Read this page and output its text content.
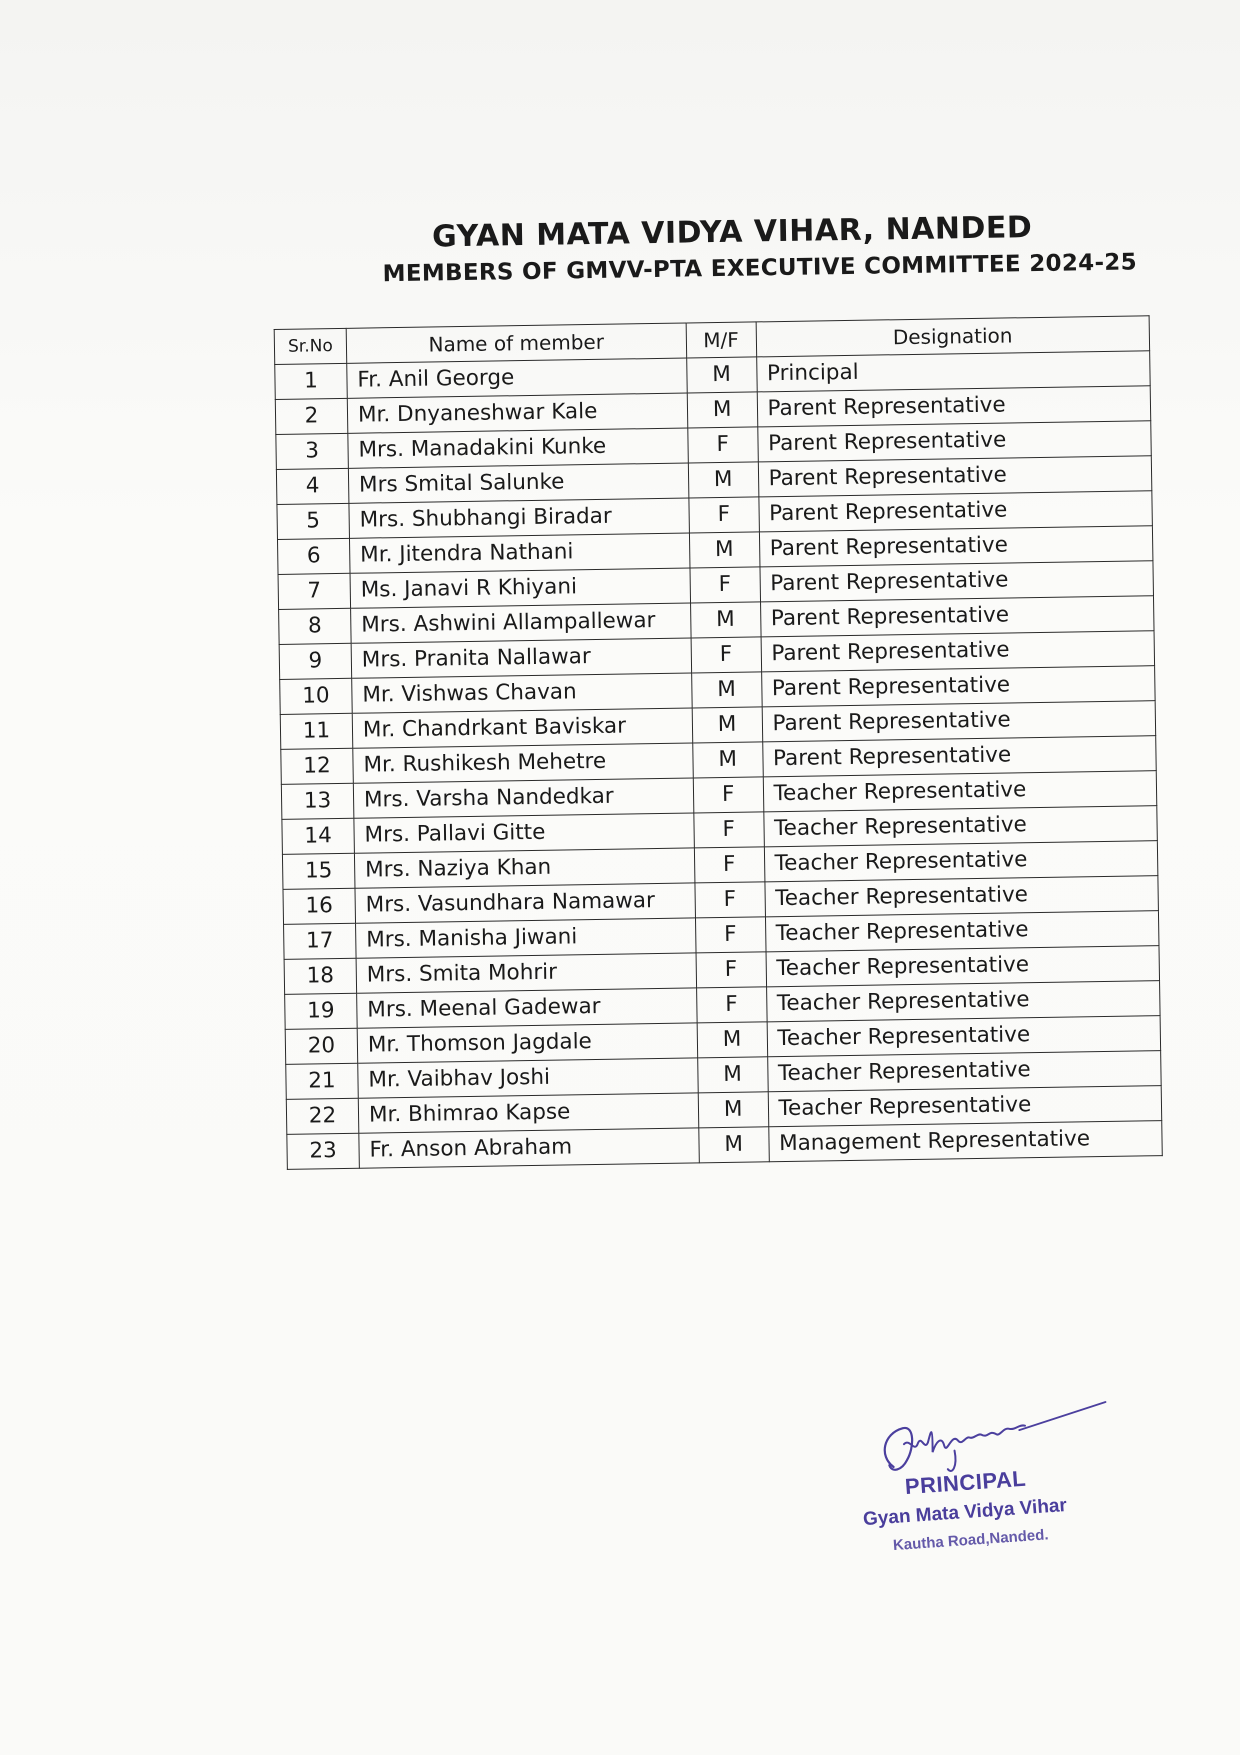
GYAN MATA VIDYA VIHAR, NANDED
MEMBERS OF GMVV-PTA EXECUTIVE COMMITTEE 2024-25
Sr.No	Name of member	M/F	Designation
1	Fr. Anil George	M	Principal
2	Mr. Dnyaneshwar Kale	M	Parent Representative
3	Mrs. Manadakini Kunke	F	Parent Representative
4	Mrs Smital Salunke	M	Parent Representative
5	Mrs. Shubhangi Biradar	F	Parent Representative
6	Mr. Jitendra Nathani	M	Parent Representative
7	Ms. Janavi R Khiyani	F	Parent Representative
8	Mrs. Ashwini Allampallewar	M	Parent Representative
9	Mrs. Pranita Nallawar	F	Parent Representative
10	Mr. Vishwas Chavan	M	Parent Representative
11	Mr. Chandrkant Baviskar	M	Parent Representative
12	Mr. Rushikesh Mehetre	M	Parent Representative
13	Mrs. Varsha Nandedkar	F	Teacher Representative
14	Mrs. Pallavi Gitte	F	Teacher Representative
15	Mrs. Naziya Khan	F	Teacher Representative
16	Mrs. Vasundhara Namawar	F	Teacher Representative
17	Mrs. Manisha Jiwani	F	Teacher Representative
18	Mrs. Smita Mohrir	F	Teacher Representative
19	Mrs. Meenal Gadewar	F	Teacher Representative
20	Mr. Thomson Jagdale	M	Teacher Representative
21	Mr. Vaibhav Joshi	M	Teacher Representative
22	Mr. Bhimrao Kapse	M	Teacher Representative
23	Fr. Anson Abraham	M	Management Representative
PRINCIPAL
Gyan Mata Vidya Vihar
Kautha Road,Nanded.
